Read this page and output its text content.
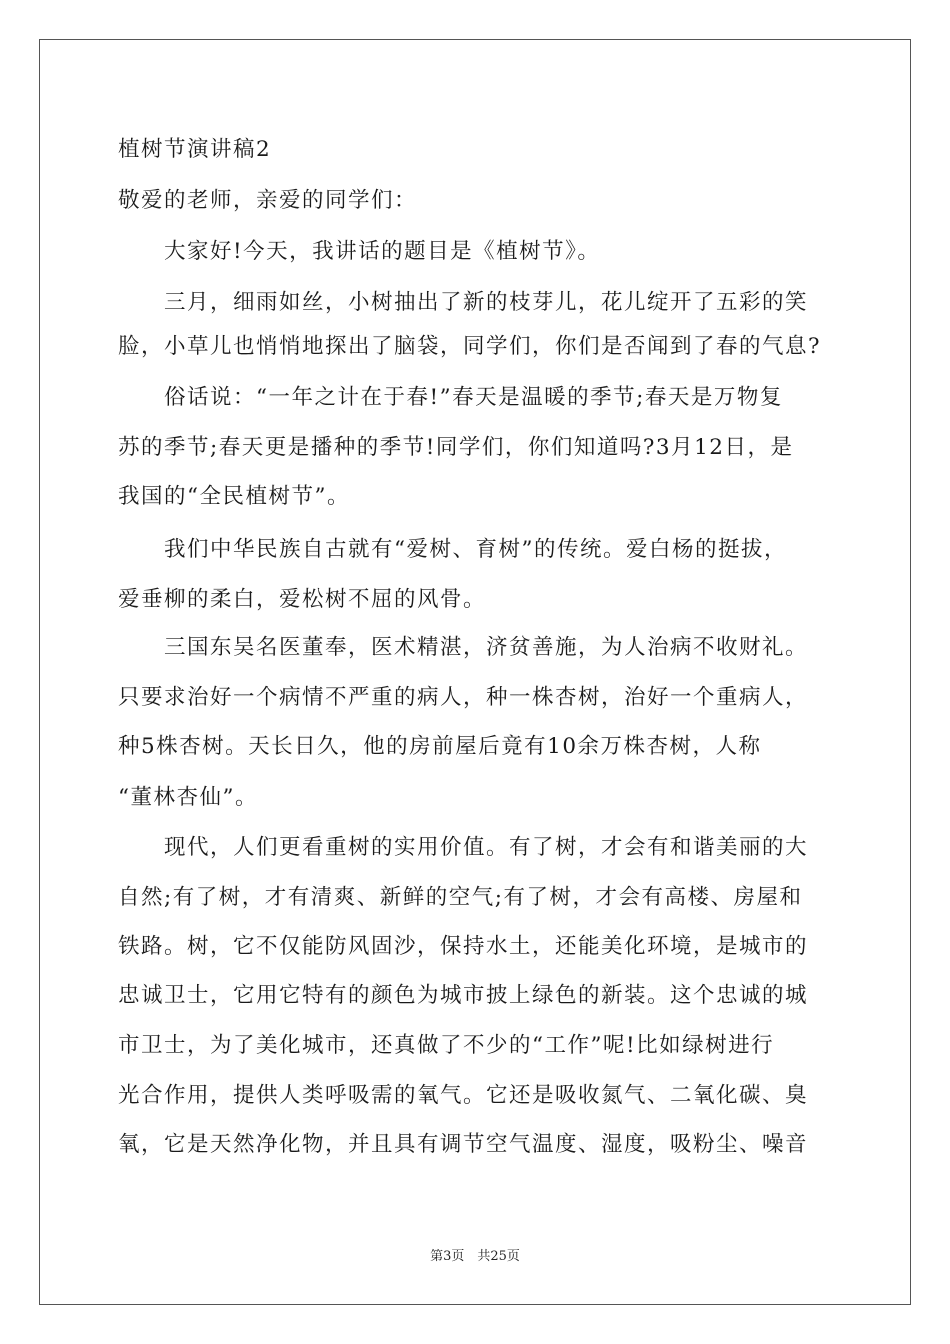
植树节演讲稿2
敬爱的老师，亲爱的同学们：
　　大家好!今天，我讲话的题目是《植树节》。
　　三月，细雨如丝，小树抽出了新的枝芽儿，花儿绽开了五彩的笑
脸，小草儿也悄悄地探出了脑袋，同学们，你们是否闻到了春的气息?
　　俗话说：“一年之计在于春!”春天是温暖的季节;春天是万物复
苏的季节;春天更是播种的季节!同学们，你们知道吗?3月12日，是
我国的“全民植树节”。
　　我们中华民族自古就有“爱树、育树”的传统。爱白杨的挺拔，
爱垂柳的柔白，爱松树不屈的风骨。
　　三国东吴名医董奉，医术精湛，济贫善施，为人治病不收财礼。
只要求治好一个病情不严重的病人，种一株杏树，治好一个重病人，
种5株杏树。天长日久，他的房前屋后竟有10余万株杏树，人称
“董林杏仙”。
　　现代，人们更看重树的实用价值。有了树，才会有和谐美丽的大
自然;有了树，才有清爽、新鲜的空气;有了树，才会有高楼、房屋和
铁路。树，它不仅能防风固沙，保持水土，还能美化环境，是城市的
忠诚卫士，它用它特有的颜色为城市披上绿色的新装。这个忠诚的城
市卫士，为了美化城市，还真做了不少的“工作”呢!比如绿树进行
光合作用，提供人类呼吸需的氧气。它还是吸收氮气、二氧化碳、臭
氧，它是天然净化物，并且具有调节空气温度、湿度，吸粉尘、噪音
第3页　共25页
